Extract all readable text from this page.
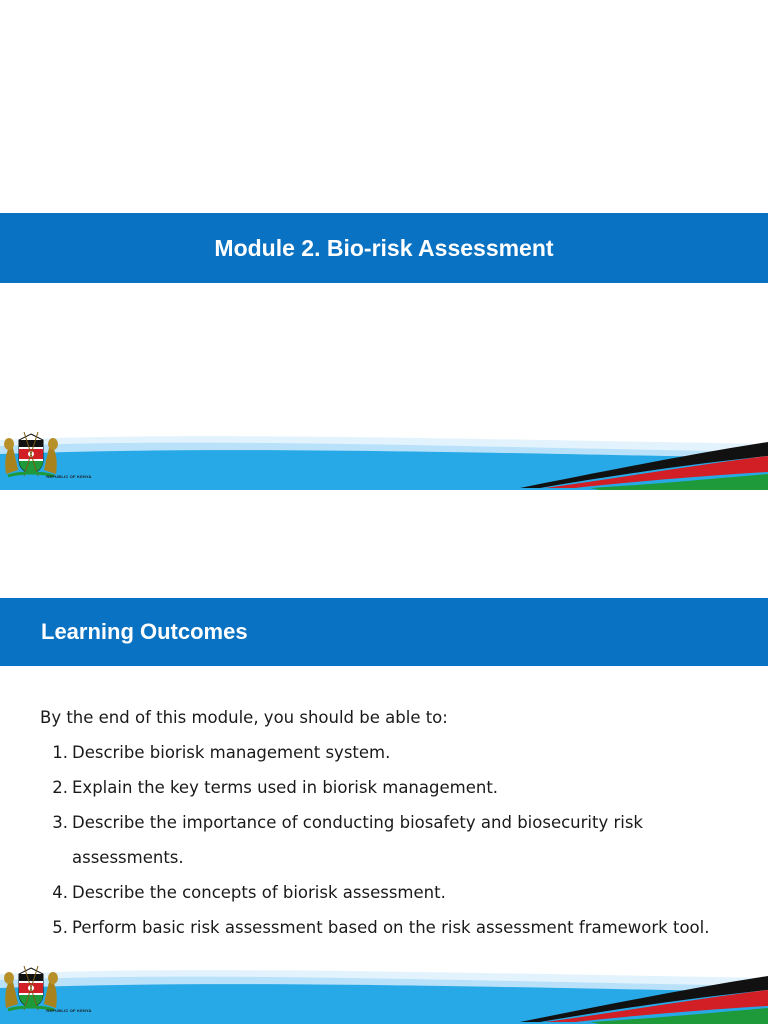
Module 2. Bio-risk Assessment
REPUBLIC OF KENYA
Learning Outcomes

By the end of this module, you should be able to:

1. Describe biorisk management system.
2. Explain the key terms used in biorisk management.
3. Describe the importance of conducting biosafety and biosecurity risk assessments.
4. Describe the concepts of biorisk assessment.
5. Perform basic risk assessment based on the risk assessment framework tool.
REPUBLIC OF KENYA
